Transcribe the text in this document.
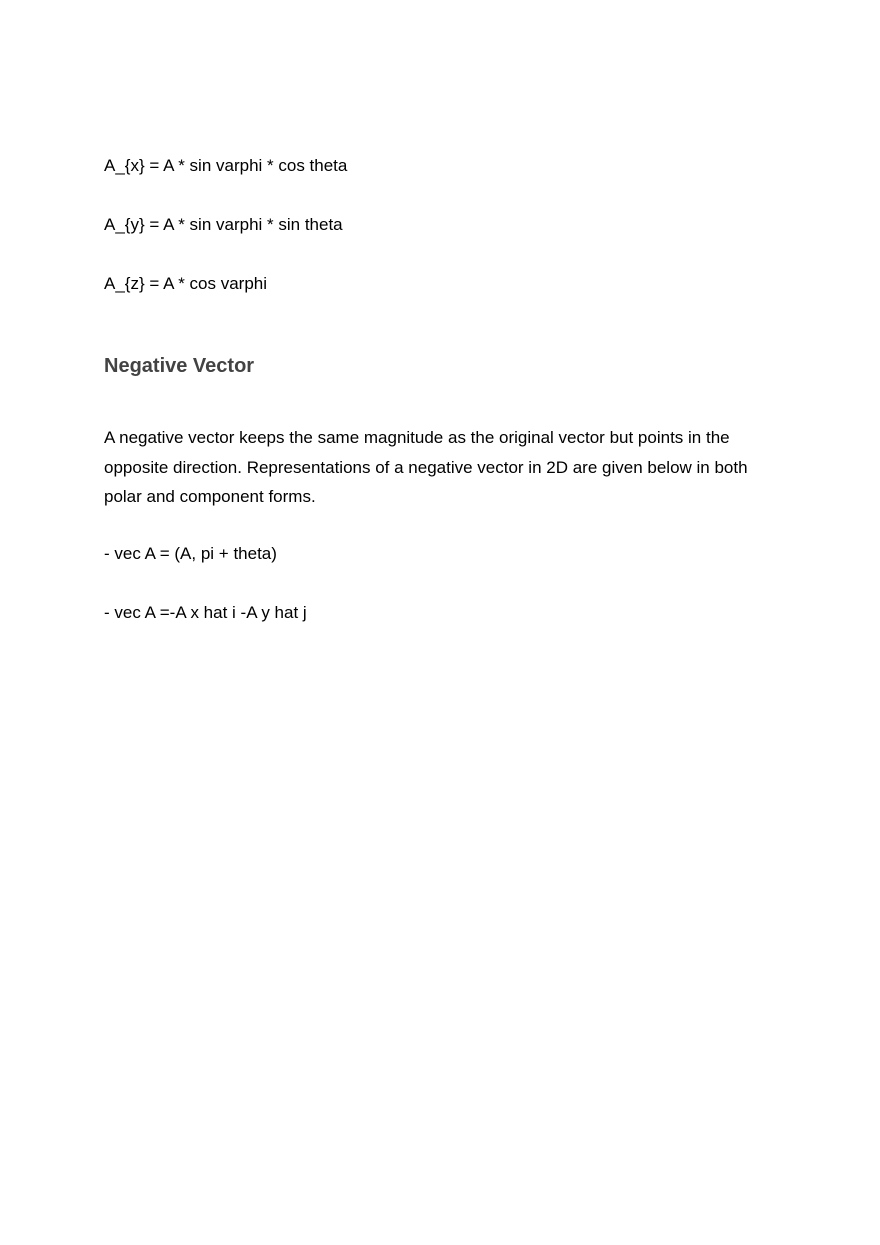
A_{x} = A * sin varphi * cos theta
A_{y} = A * sin varphi * sin theta
A_{z} = A * cos varphi
Negative Vector

A negative vector keeps the same magnitude as the original vector but points in the opposite direction. Representations of a negative vector in 2D are given below in both polar and component forms.

- vec A = (A, pi + theta)
- vec A =-A x hat i -A y hat j
